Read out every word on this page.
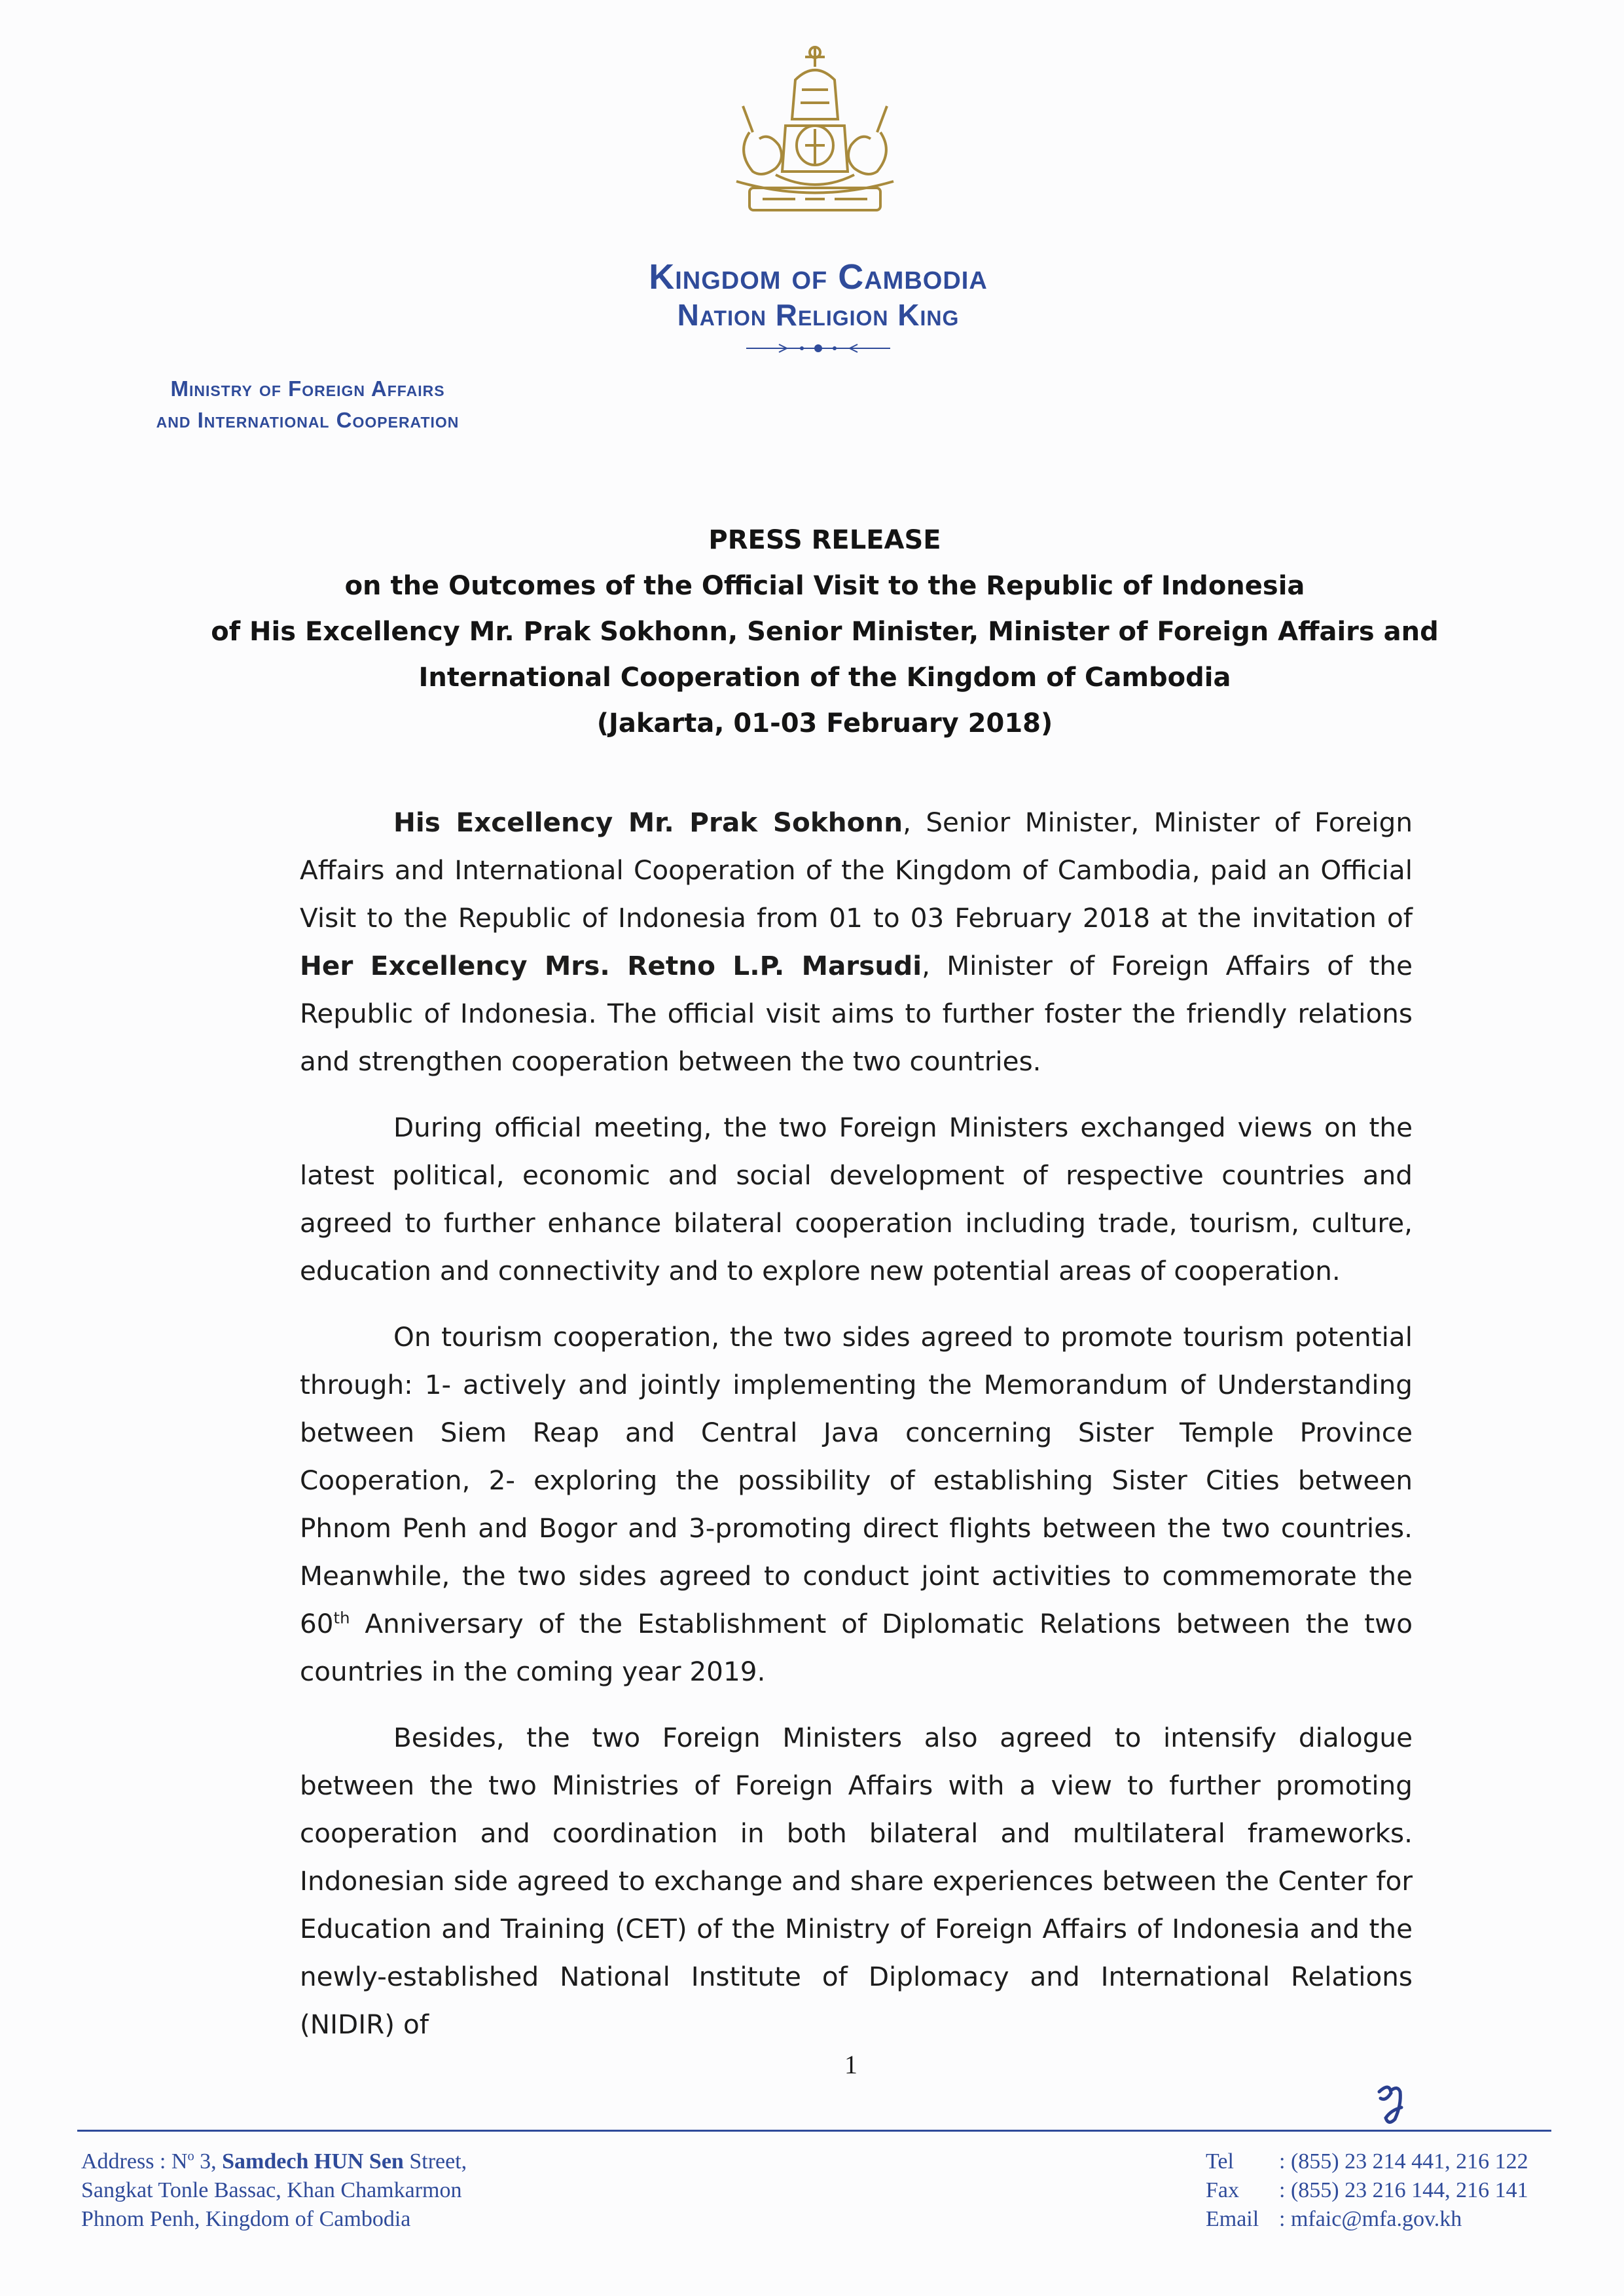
Kingdom of Cambodia
Nation Religion King
Ministry of Foreign Affairs
and International Cooperation
PRESS RELEASE
on the Outcomes of the Official Visit to the Republic of Indonesia
of His Excellency Mr. Prak Sokhonn, Senior Minister, Minister of Foreign Affairs and
International Cooperation of the Kingdom of Cambodia
(Jakarta, 01-03 February 2018)

His Excellency Mr. Prak Sokhonn, Senior Minister, Minister of Foreign Affairs and International Cooperation of the Kingdom of Cambodia, paid an Official Visit to the Republic of Indonesia from 01 to 03 February 2018 at the invitation of Her Excellency Mrs. Retno L.P. Marsudi, Minister of Foreign Affairs of the Republic of Indonesia. The official visit aims to further foster the friendly relations and strengthen cooperation between the two countries.

During official meeting, the two Foreign Ministers exchanged views on the latest political, economic and social development of respective countries and agreed to further enhance bilateral cooperation including trade, tourism, culture, education and connectivity and to explore new potential areas of cooperation.

On tourism cooperation, the two sides agreed to promote tourism potential through: 1- actively and jointly implementing the Memorandum of Understanding between Siem Reap and Central Java concerning Sister Temple Province Cooperation, 2- exploring the possibility of establishing Sister Cities between Phnom Penh and Bogor and 3-promoting direct flights between the two countries. Meanwhile, the two sides agreed to conduct joint activities to commemorate the 60th Anniversary of the Establishment of Diplomatic Relations between the two countries in the coming year 2019.

Besides, the two Foreign Ministers also agreed to intensify dialogue between the two Ministries of Foreign Affairs with a view to further promoting cooperation and coordination in both bilateral and multilateral frameworks. Indonesian side agreed to exchange and share experiences between the Center for Education and Training (CET) of the Ministry of Foreign Affairs of Indonesia and the newly-established National Institute of Diplomacy and International Relations (NIDIR) of

1
Address : $N^o$ 3, Samdech HUN Sen Street,
Sangkat Tonle Bassac, Khan Chamkarmon
Phnom Penh, Kingdom of Cambodia
Tel	: (855) 23 214 441, 216 122
Fax	: (855) 23 216 144, 216 141
Email : mfaic@mfa.gov.kh
